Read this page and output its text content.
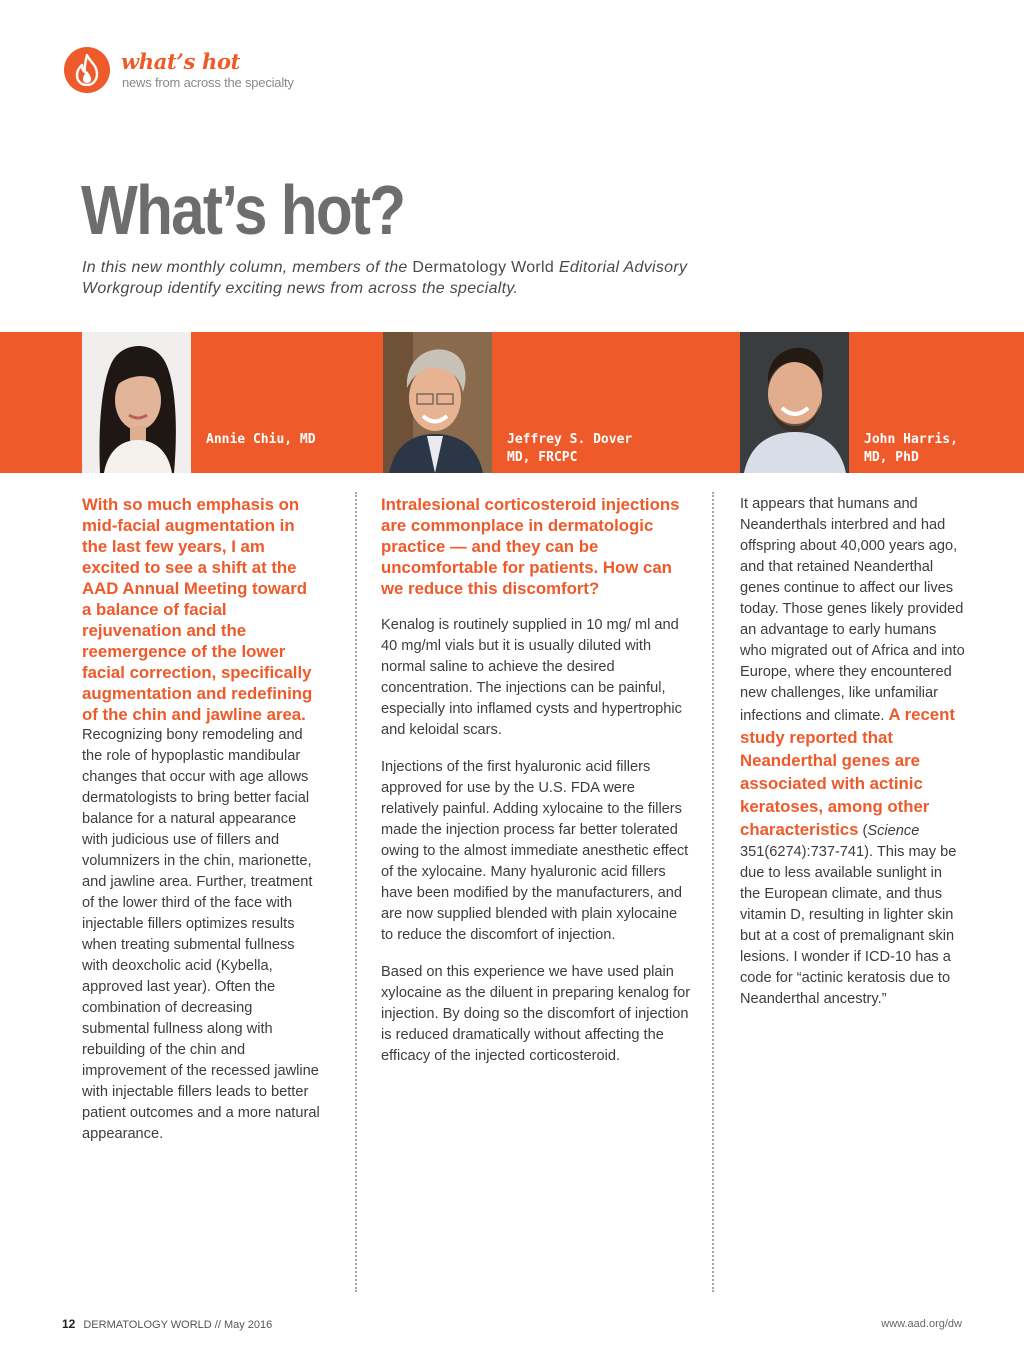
what’s hot
news from across the specialty
What’s hot?
In this new monthly column, members of the Dermatology World Editorial Advisory Workgroup identify exciting news from across the specialty.
Annie Chiu, MD	Jeffrey S. Dover
MD, FRCPC
John Harris,
MD, PhD

With so much emphasis on mid-facial augmentation in the last few years, I am excited to see a shift at the AAD Annual Meeting toward a balance of facial rejuvenation and the reemergence of the lower facial correction, specifically augmentation and redefining of the chin and jawline area.

Recognizing bony remodeling and the role of hypoplastic mandibular changes that occur with age allows dermatologists to bring better facial balance for a natural appearance with judicious use of fillers and volumnizers in the chin, marionette, and jawline area. Further, treatment of the lower third of the face with injectable fillers optimizes results when treating submental fullness with deoxcholic acid (Kybella, approved last year). Often the combination of decreasing submental fullness along with rebuilding of the chin and improvement of the recessed jawline with injectable fillers leads to better patient outcomes and a more natural appearance.

Intralesional corticosteroid injections are commonplace in dermatologic practice — and they can be uncomfortable for patients. How can we reduce this discomfort?

Kenalog is routinely supplied in 10 mg/ ml and 40 mg/ml vials but it is usually diluted with normal saline to achieve the desired concentration. The injections can be painful, especially into inflamed cysts and hypertrophic and keloidal scars.

Injections of the first hyaluronic acid fillers approved for use by the U.S. FDA were relatively painful. Adding xylocaine to the fillers made the injection process far better tolerated owing to the almost immediate anesthetic effect of the xylocaine. Many hyaluronic acid fillers have been modified by the manufacturers, and are now supplied blended with plain xylocaine to reduce the discomfort of injection.

Based on this experience we have used plain xylocaine as the diluent in preparing kenalog for injection. By doing so the discomfort of injection is reduced dramatically without affecting the efficacy of the injected corticosteroid.

It appears that humans and Neanderthals interbred and had offspring about 40,000 years ago, and that retained Neanderthal genes continue to affect our lives today. Those genes likely provided an advantage to early humans who migrated out of Africa and into Europe, where they encountered new challenges, like unfamiliar infections and climate. A recent study reported that Neanderthal genes are associated with actinic keratoses, among other characteristics (Science 351(6274):737-741). This may be due to less available sunlight in the European climate, and thus vitamin D, resulting in lighter skin but at a cost of premalignant skin lesions. I wonder if ICD-10 has a code for “actinic keratosis due to Neanderthal ancestry.”

12 DERMATOLOGY WORLD // May 2016	www.aad.org/dw
